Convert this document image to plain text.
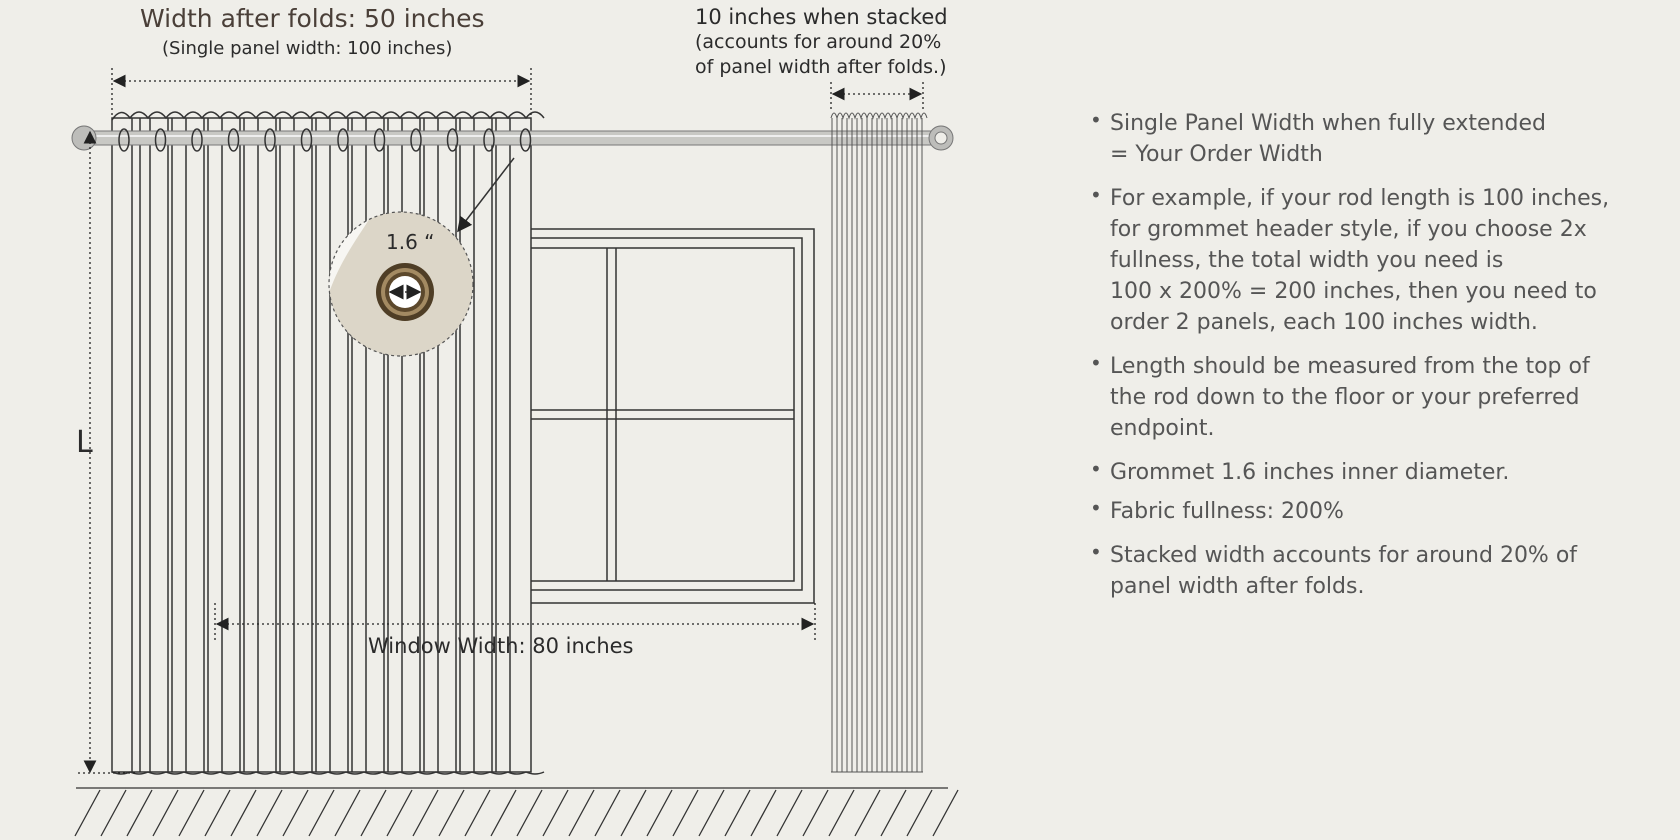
Width after folds: 50 inches
(Single panel width: 100 inches)
10 inches when stacked
(accounts for around 20%
of panel width after folds.)
1.6 “
Window Width: 80 inches
L
• Single Panel Width when fully extended
= Your Order Width
• For example, if your rod length is 100 inches,
for grommet header style, if you choose 2x
fullness, the total width you need is
100 x 200% = 200 inches, then you need to
order 2 panels, each 100 inches width.
• Length should be measured from the top of
the rod down to the floor or your preferred
endpoint.
• Grommet 1.6 inches inner diameter.
• Fabric fullness: 200%
• Stacked width accounts for around 20% of
panel width after folds.
